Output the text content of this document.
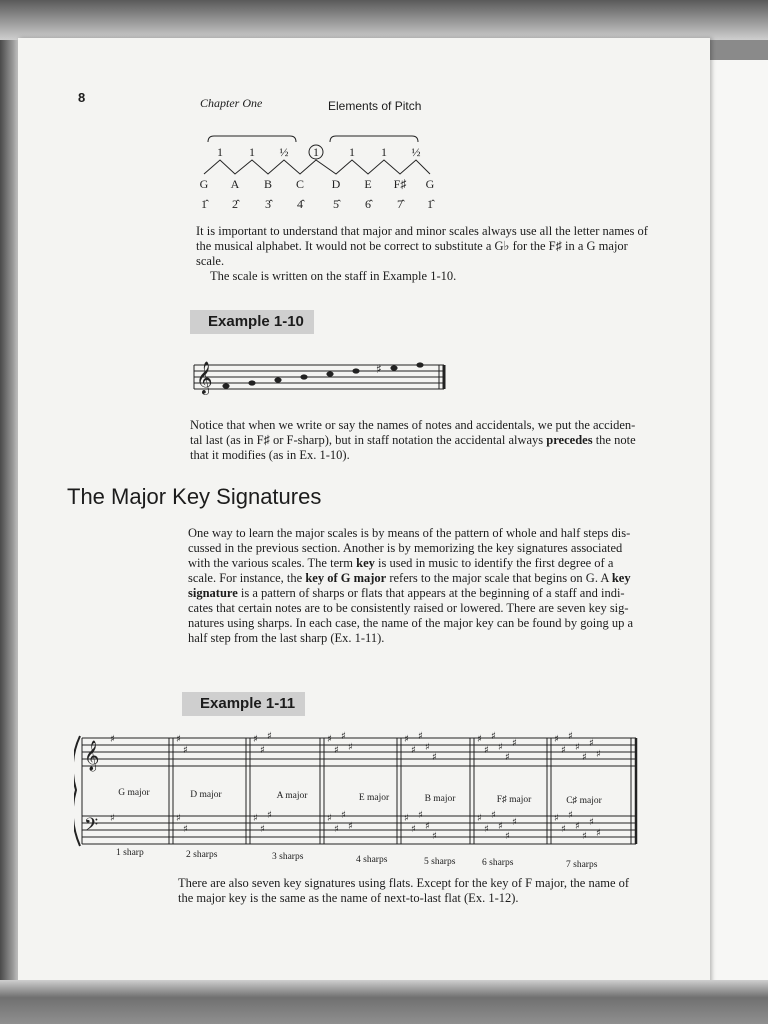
8	Chapter One	Elements of Pitch
1 1 ½ 1	1 1 ½
G A B C D E F♯ G
1̂ 2̂ 3̂ 4̂	5̂ 6̂ 7̂ 1̂

It is important to understand that major and minor scales always use all the letter names of

the musical alphabet. It would not be correct to substitute a G♭ for the F♯ in a G major scale.

The scale is written on the staff in Example 1-10.

Example 1-10
𝄞	♯

Notice that when we write or say the names of notes and accidentals, we put the acciden-

tal last (as in F♯ or F-sharp), but in staff notation the accidental always precedes the note

that it modifies (as in Ex. 1-10).

The Major Key Signatures

One way to learn the major scales is by means of the pattern of whole and half steps dis-

cussed in the previous section. Another is by memorizing the key signatures associated

with the various scales. The term key is used in music to identify the first degree of a

scale. For instance, the key of G major refers to the major scale that begins on G. A key

signature is a pattern of sharps or flats that appears at the beginning of a staff and indi-

cates that certain notes are to be consistently raised or lowered. There are seven key sig-

natures using sharps. In each case, the name of the major key can be found by going up a

half step from the last sharp (Ex. 1-11).

Example 1-11
𝄞
𝄢
♯
♯
♯
♯
♯
♯
♯
♯
♯
♯
♯
♯
♯
♯
♯
♯
♯
♯
♯
♯
♯
♯
♯
♯
♯
♯
♯
♯
♯
♯
♯
♯
♯
♯
♯
♯
♯
♯
♯
♯
♯
♯
♯
♯
♯
♯
♯
♯
♯
♯
♯
♯
♯
♯
♯
♯
G major	D major	A major	E major	B major	F♯ major	C♯ major
1 sharp	2 sharps	3 sharps	4 sharps	5 sharps	6 sharps	7 sharps

There are also seven key signatures using flats. Except for the key of F major, the name of

the major key is the same as the name of next-to-last flat (Ex. 1-12).
